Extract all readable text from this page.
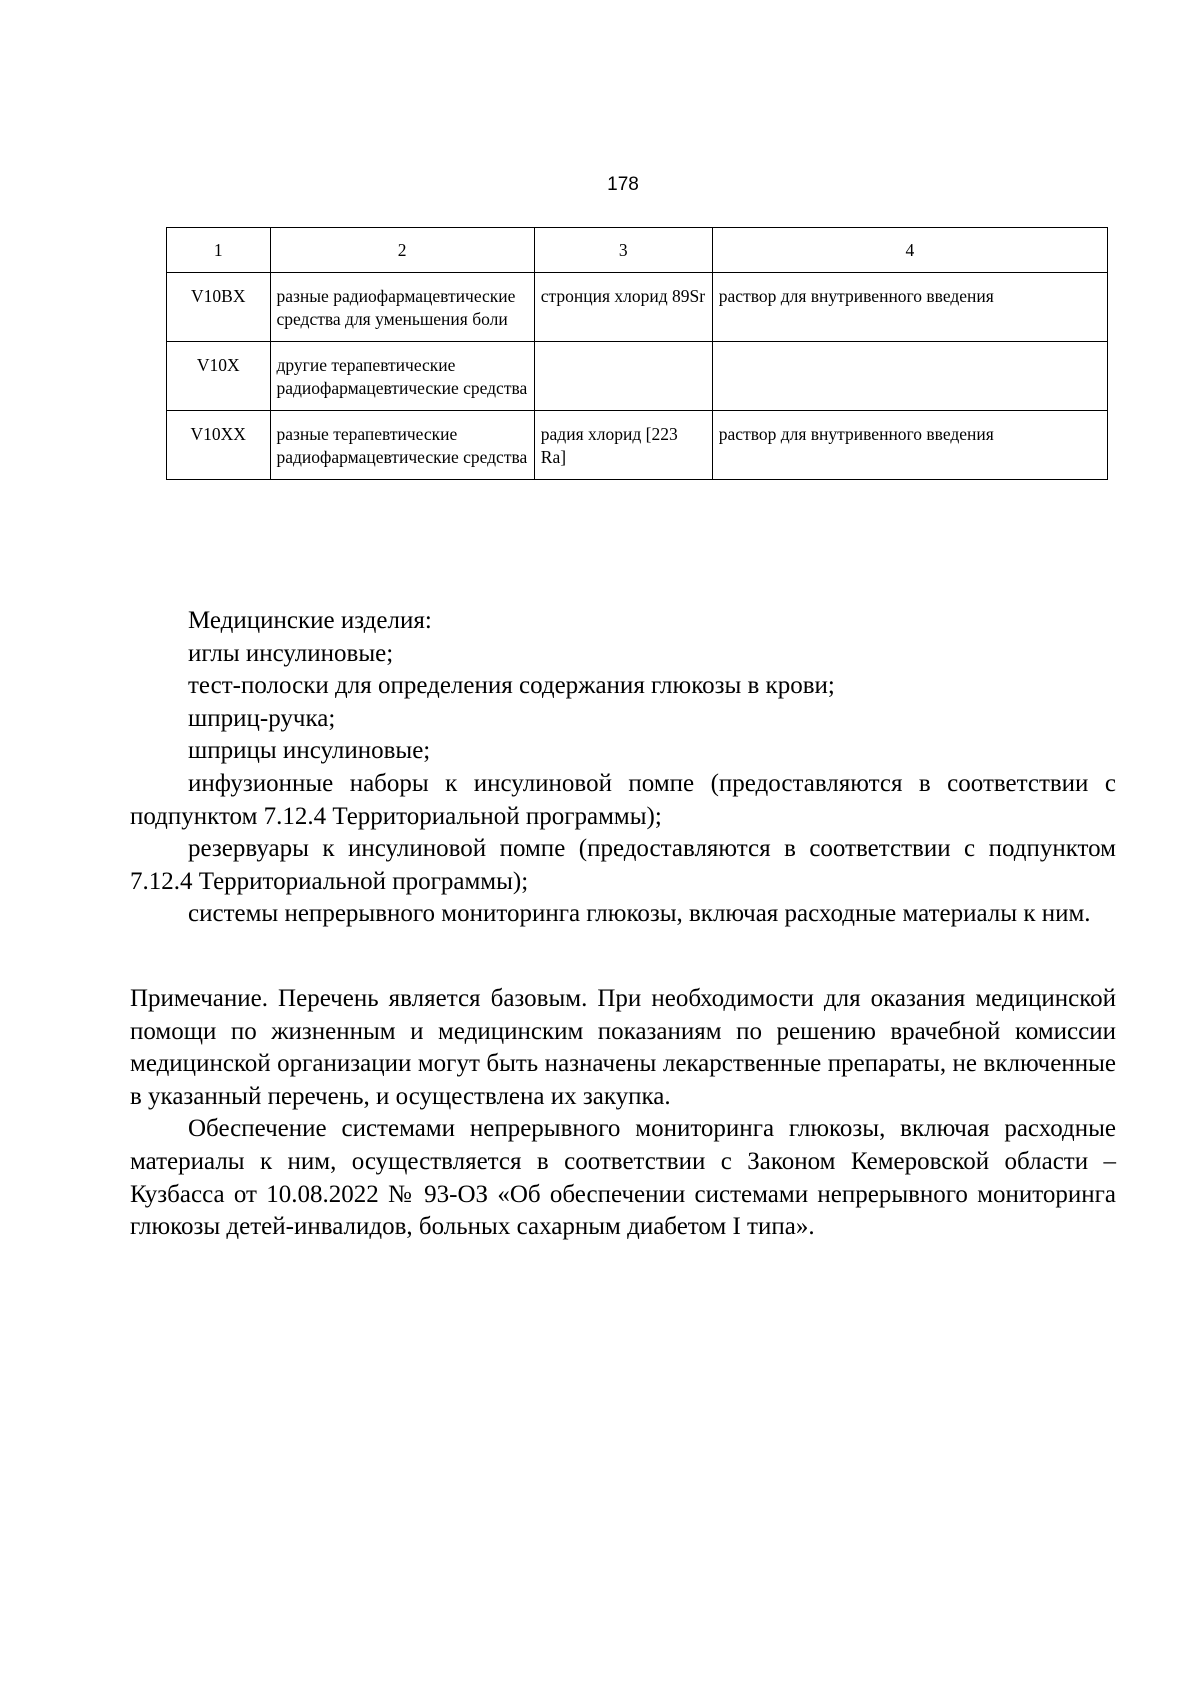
178
1	2	3	4
V10BX	разные радиофармацевтические средства для уменьшения боли	стронция хлорид 89Sr	раствор для внутривенного введения
V10X	другие терапевтические радиофармацевтические средства		
V10XX	разные терапевтические радиофармацевтические средства	радия хлорид [223 Ra]	раствор для внутривенного введения

Медицинские изделия:

иглы инсулиновые;

тест-полоски для определения содержания глюкозы в крови;

шприц-ручка;

шприцы инсулиновые;

инфузионные наборы к инсулиновой помпе (предоставляются в соответствии с подпунктом 7.12.4 Территориальной программы);

резервуары к инсулиновой помпе (предоставляются в соответствии с подпунктом 7.12.4 Территориальной программы);

системы непрерывного мониторинга глюкозы, включая расходные материалы к ним.

Примечание. Перечень является базовым. При необходимости для оказания медицинской помощи по жизненным и медицинским показаниям по решению врачебной комиссии медицинской организации могут быть назначены лекарственные препараты, не включенные в указанный перечень, и осуществлена их закупка.

Обеспечение системами непрерывного мониторинга глюкозы, включая расходные материалы к ним, осуществляется в соответствии с Законом Кемеровской области – Кузбасса от 10.08.2022 № 93-ОЗ «Об обеспечении системами непрерывного мониторинга глюкозы детей-инвалидов, больных сахарным диабетом I типа».
